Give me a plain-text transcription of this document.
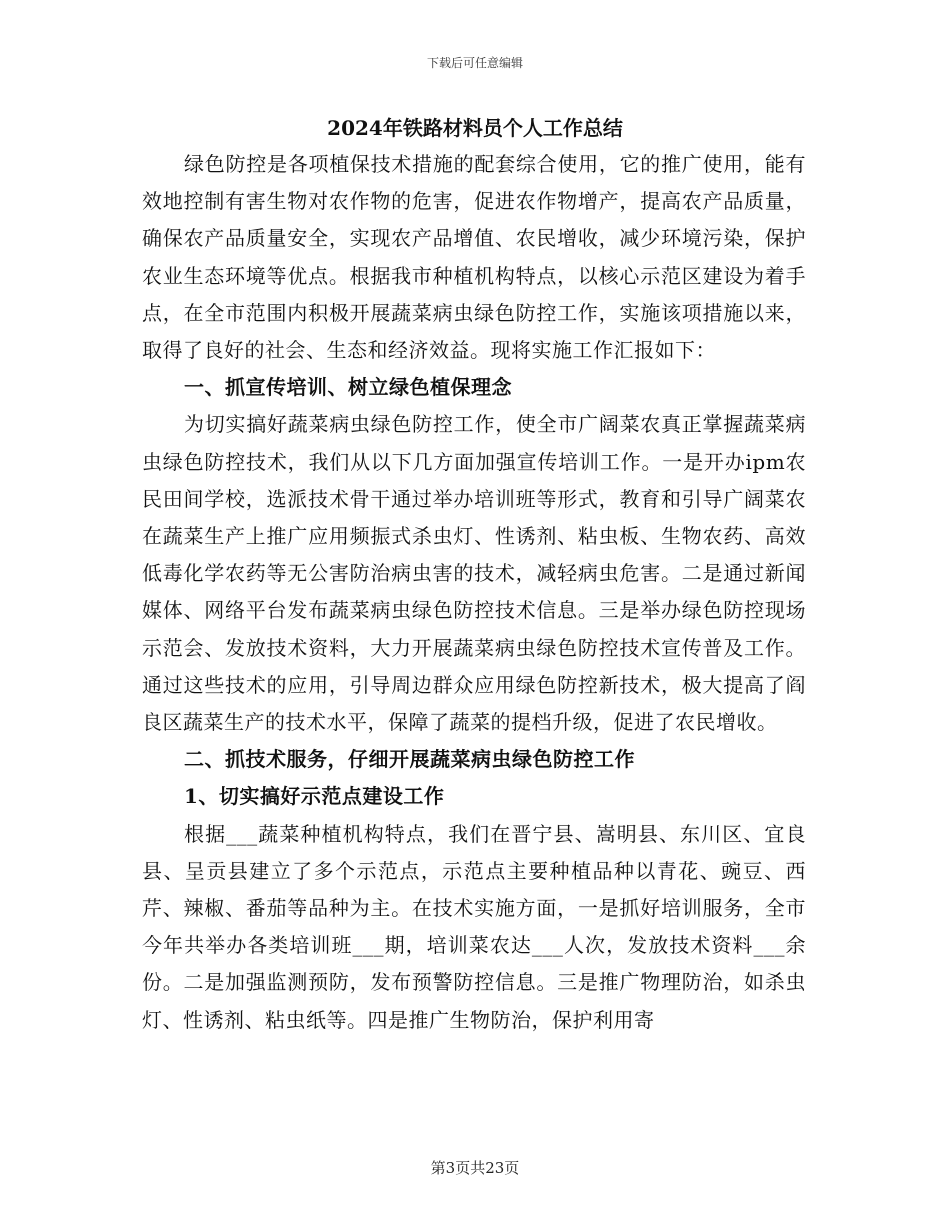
下载后可任意编辑
2024年铁路材料员个人工作总结

绿色防控是各项植保技术措施的配套综合使用，它的推广使用，能有效地控制有害生物对农作物的危害，促进农作物增产，提高农产品质量，确保农产品质量安全，实现农产品增值、农民增收，减少环境污染，保护农业生态环境等优点。根据我市种植机构特点，以核心示范区建设为着手点，在全市范围内积极开展蔬菜病虫绿色防控工作，实施该项措施以来，取得了良好的社会、生态和经济效益。现将实施工作汇报如下：

一、抓宣传培训、树立绿色植保理念

为切实搞好蔬菜病虫绿色防控工作，使全市广阔菜农真正掌握蔬菜病虫绿色防控技术，我们从以下几方面加强宣传培训工作。一是开办ipm农民田间学校，选派技术骨干通过举办培训班等形式，教育和引导广阔菜农在蔬菜生产上推广应用频振式杀虫灯、性诱剂、粘虫板、生物农药、高效低毒化学农药等无公害防治病虫害的技术，减轻病虫危害。二是通过新闻媒体、网络平台发布蔬菜病虫绿色防控技术信息。三是举办绿色防控现场示范会、发放技术资料，大力开展蔬菜病虫绿色防控技术宣传普及工作。通过这些技术的应用，引导周边群众应用绿色防控新技术，极大提高了阎良区蔬菜生产的技术水平，保障了蔬菜的提档升级，促进了农民增收。

二、抓技术服务，仔细开展蔬菜病虫绿色防控工作
1、切实搞好示范点建设工作

根据___蔬菜种植机构特点，我们在晋宁县、嵩明县、东川区、宜良县、呈贡县建立了多个示范点，示范点主要种植品种以青花、豌豆、西芹、辣椒、番茄等品种为主。在技术实施方面，一是抓好培训服务，全市今年共举办各类培训班___期，培训菜农达___人次，发放技术资料___余份。二是加强监测预防，发布预警防控信息。三是推广物理防治，如杀虫灯、性诱剂、粘虫纸等。四是推广生物防治，保护利用寄

第3页共23页
